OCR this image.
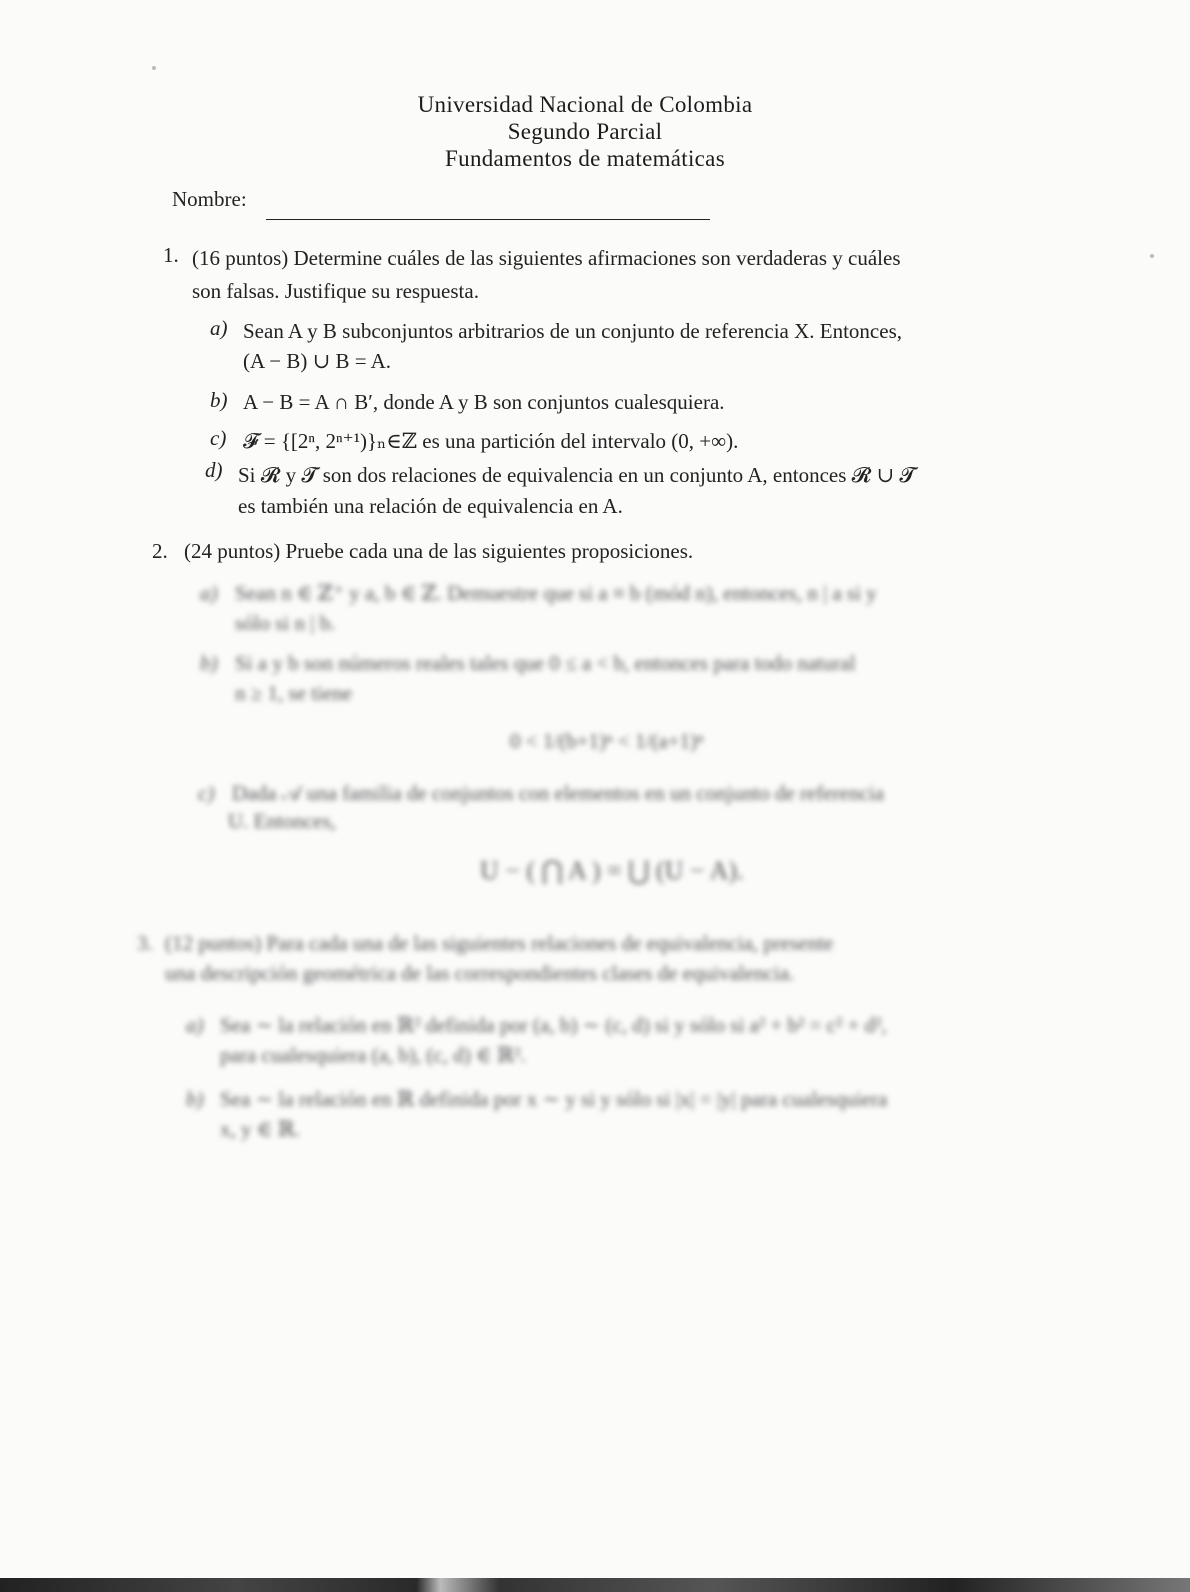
Universidad Nacional de Colombia
Segundo Parcial
Fundamentos de matemáticas
Nombre:
1. (16 puntos) Determine cuáles de las siguientes afirmaciones son verdaderas y cuáles
son falsas. Justifique su respuesta.
a) Sean A y B subconjuntos arbitrarios de un conjunto de referencia X. Entonces,
(A − B) ∪ B = A.
b) A − B = A ∩ B′, donde A y B son conjuntos cualesquiera.
c) 𝓕 = {[2ⁿ, 2ⁿ⁺¹)}ₙ∈ℤ es una partición del intervalo (0, +∞).
d) Si 𝓡 y 𝓣 son dos relaciones de equivalencia en un conjunto A, entonces 𝓡 ∪ 𝓣
es también una relación de equivalencia en A.
2. (24 puntos) Pruebe cada una de las siguientes proposiciones.
a) Sean n ∈ ℤ⁺ y a, b ∈ ℤ. Demuestre que si a ≡ b (mód n), entonces, n | a si y
sólo si n | b.
b) Si a y b son números reales tales que 0 ≤ a < b, entonces para todo natural
n ≥ 1, se tiene
0 < 1/(b+1)ⁿ < 1/(a+1)ⁿ
c) Dada 𝒜 una familia de conjuntos con elementos en un conjunto de referencia
U. Entonces,
U − ( ⋂ A ) = ⋃ (U − A).
3. (12 puntos) Para cada una de las siguientes relaciones de equivalencia, presente
una descripción geométrica de las correspondientes clases de equivalencia.
a) Sea ∼ la relación en ℝ² definida por (a, b) ∼ (c, d) si y sólo si a² + b² = c² + d²,
para cualesquiera (a, b), (c, d) ∈ ℝ².
b) Sea ∼ la relación en ℝ definida por x ∼ y si y sólo si |x| = |y| para cualesquiera
x, y ∈ ℝ.
